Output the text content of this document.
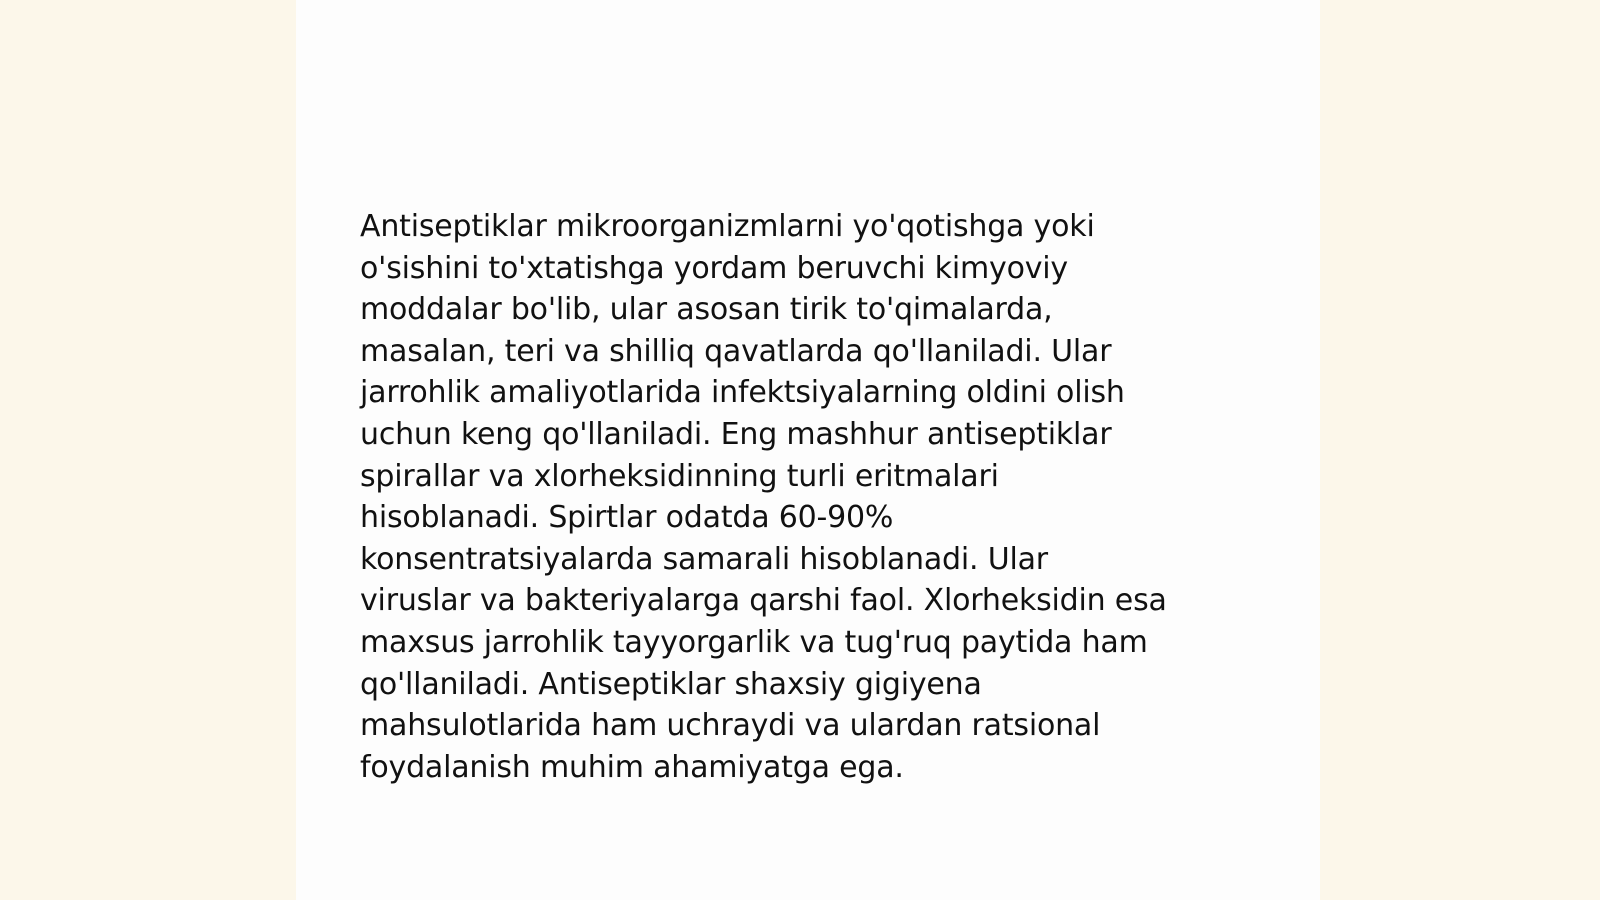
Antiseptiklar mikroorganizmlarni yo'qotishga yoki
o'sishini to'xtatishga yordam beruvchi kimyoviy
moddalar bo'lib, ular asosan tirik to'qimalarda,
masalan, teri va shilliq qavatlarda qo'llaniladi. Ular
jarrohlik amaliyotlarida infektsiyalarning oldini olish
uchun keng qo'llaniladi. Eng mashhur antiseptiklar
spirallar va xlorheksidinning turli eritmalari
hisoblanadi. Spirtlar odatda 60-90%
konsentratsiyalarda samarali hisoblanadi. Ular
viruslar va bakteriyalarga qarshi faol. Xlorheksidin esa
maxsus jarrohlik tayyorgarlik va tug'ruq paytida ham
qo'llaniladi. Antiseptiklar shaxsiy gigiyena
mahsulotlarida ham uchraydi va ulardan ratsional
foydalanish muhim ahamiyatga ega.
